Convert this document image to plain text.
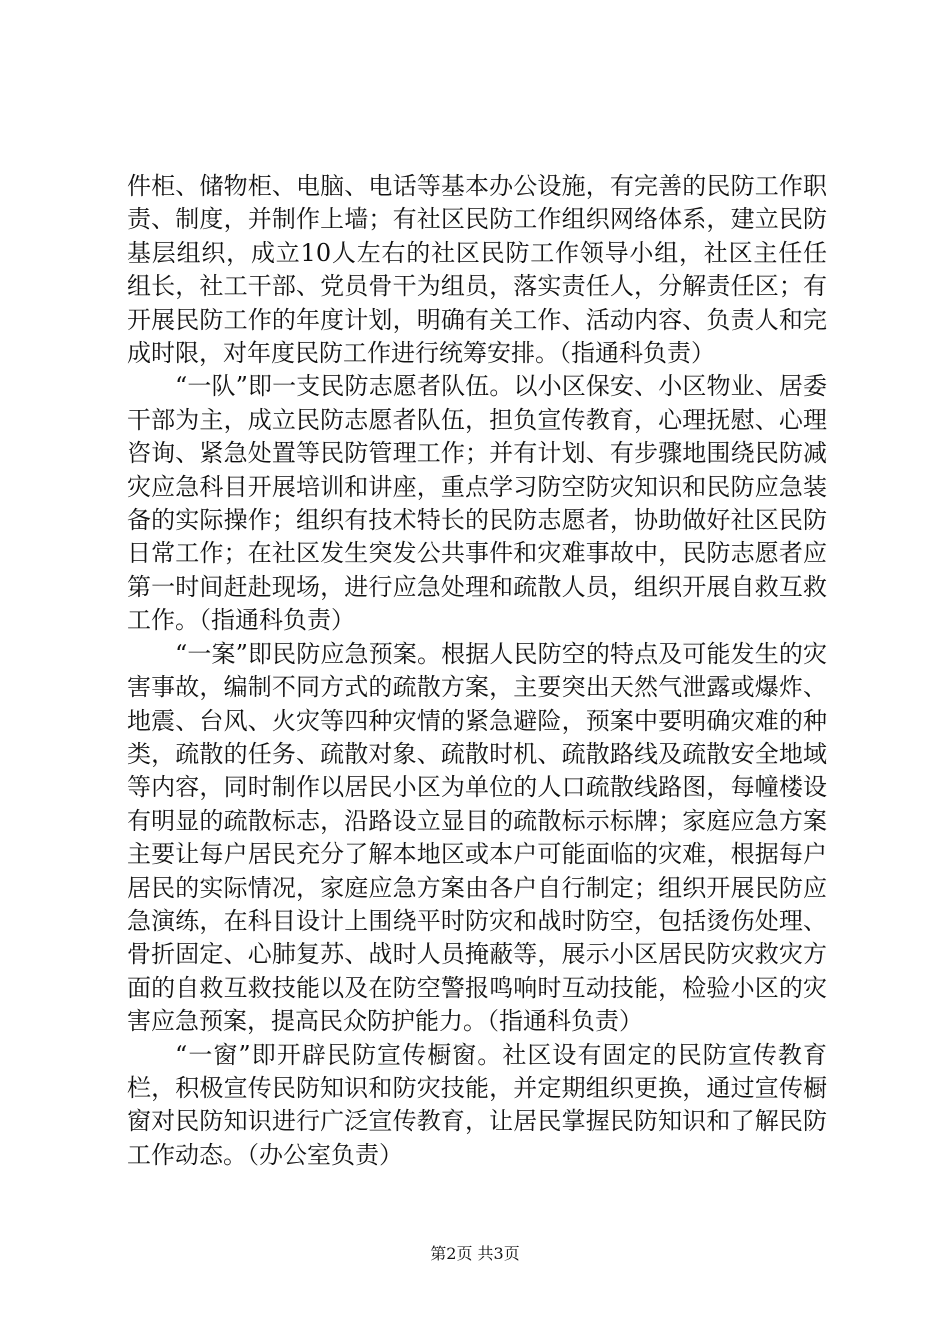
件柜、储物柜、电脑、电话等基本办公设施，有完善的民防工作职责、制度，并制作上墙；有社区民防工作组织网络体系，建立民防基层组织，成立10人左右的社区民防工作领导小组，社区主任任组长，社工干部、党员骨干为组员，落实责任人，分解责任区；有开展民防工作的年度计划，明确有关工作、活动内容、负责人和完成时限，对年度民防工作进行统筹安排。（指通科负责）

“一队”即一支民防志愿者队伍。以小区保安、小区物业、居委干部为主，成立民防志愿者队伍，担负宣传教育，心理抚慰、心理咨询、紧急处置等民防管理工作；并有计划、有步骤地围绕民防减灾应急科目开展培训和讲座，重点学习防空防灾知识和民防应急装备的实际操作；组织有技术特长的民防志愿者，协助做好社区民防日常工作；在社区发生突发公共事件和灾难事故中，民防志愿者应第一时间赶赴现场，进行应急处理和疏散人员，组织开展自救互救工作。（指通科负责）

“一案”即民防应急预案。根据人民防空的特点及可能发生的灾害事故，编制不同方式的疏散方案，主要突出天然气泄露或爆炸、地震、台风、火灾等四种灾情的紧急避险，预案中要明确灾难的种类，疏散的任务、疏散对象、疏散时机、疏散路线及疏散安全地域等内容，同时制作以居民小区为单位的人口疏散线路图，每幢楼设有明显的疏散标志，沿路设立显目的疏散标示标牌；家庭应急方案主要让每户居民充分了解本地区或本户可能面临的灾难，根据每户居民的实际情况，家庭应急方案由各户自行制定；组织开展民防应急演练，在科目设计上围绕平时防灾和战时防空，包括烫伤处理、骨折固定、心肺复苏、战时人员掩蔽等，展示小区居民防灾救灾方面的自救互救技能以及在防空警报鸣响时互动技能，检验小区的灾害应急预案，提高民众防护能力。（指通科负责）

“一窗”即开辟民防宣传橱窗。社区设有固定的民防宣传教育栏，积极宣传民防知识和防灾技能，并定期组织更换，通过宣传橱窗对民防知识进行广泛宣传教育，让居民掌握民防知识和了解民防工作动态。（办公室负责）

第2页 共3页
